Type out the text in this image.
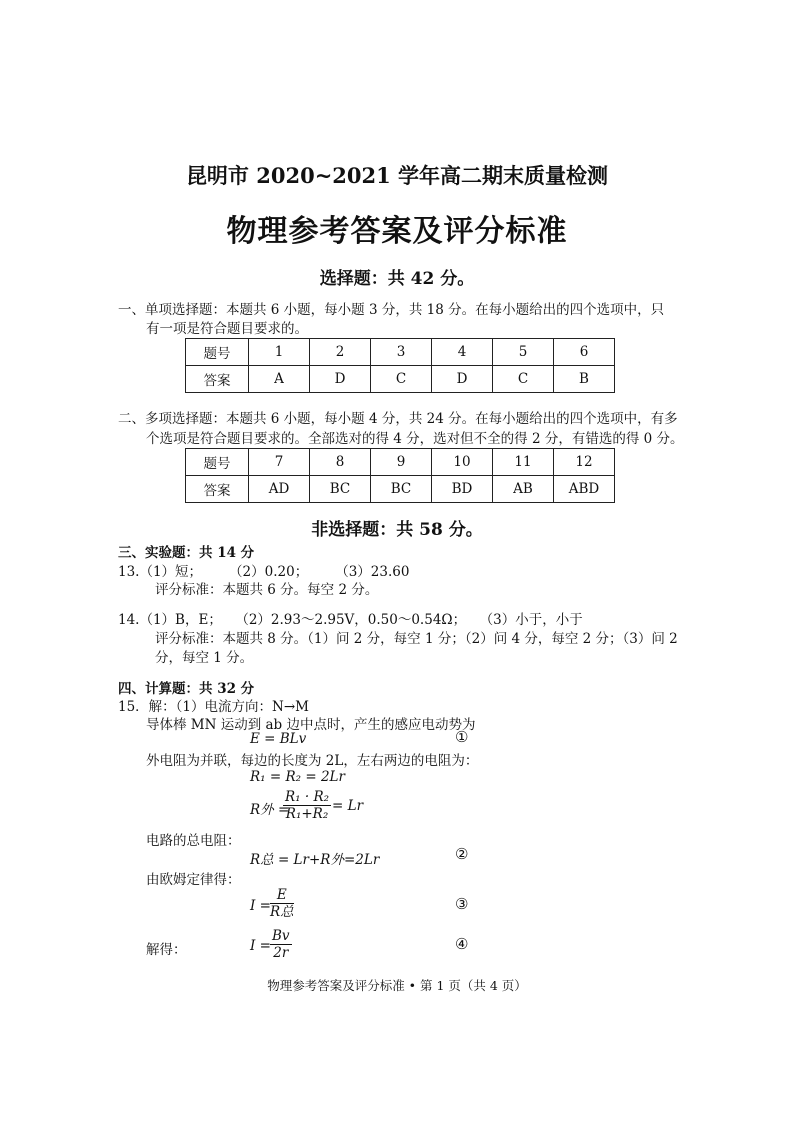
昆明市 2020~2021 学年高二期末质量检测
物理参考答案及评分标准
选择题：共 42 分。
一、单项选择题：本题共 6 小题，每小题 3 分，共 18 分。在每小题给出的四个选项中，只
有一项是符合题目要求的。
题号	1	2	3	4	5	6
答案	A	D	C	D	C	B
二、多项选择题：本题共 6 小题，每小题 4 分，共 24 分。在每小题给出的四个选项中，有多
个选项是符合题目要求的。全部选对的得 4 分，选对但不全的得 2 分，有错选的得 0 分。
题号	7	8	9	10	11	12
答案	AD	BC	BC	BD	AB	ABD
非选择题：共 58 分。
三、实验题：共 14 分
13.（1）短；　　　（2）0.20；　　　（3）23.60
评分标准：本题共 6 分。每空 2 分。
14.（1）B，E；　　（2）2.93～2.95V，0.50～0.54Ω；　　（3）小于，小于
评分标准：本题共 8 分。（1）问 2 分，每空 1 分；（2）问 4 分，每空 2 分；（3）问 2
分，每空 1 分。
四、计算题：共 32 分
15．解：（1）电流方向：N→M
导体棒 MN 运动到 ab 边中点时，产生的感应电动势为
E = BLv	①
外电阻为并联，每边的长度为 2L，左右两边的电阻为：
R₁ = R₂ = 2Lr
R外 =
$\frac{\text{R₁ · R₂}}{\text{R₁+R₂}} = Lr$
电路的总电阻：
R总 = Lr+R外=2Lr	②
由欧姆定律得：
I =
E
R总	③
解得：	$I = \frac{Bv}{2r}$	④
物理参考答案及评分标准 • 第 1 页（共 4 页）
